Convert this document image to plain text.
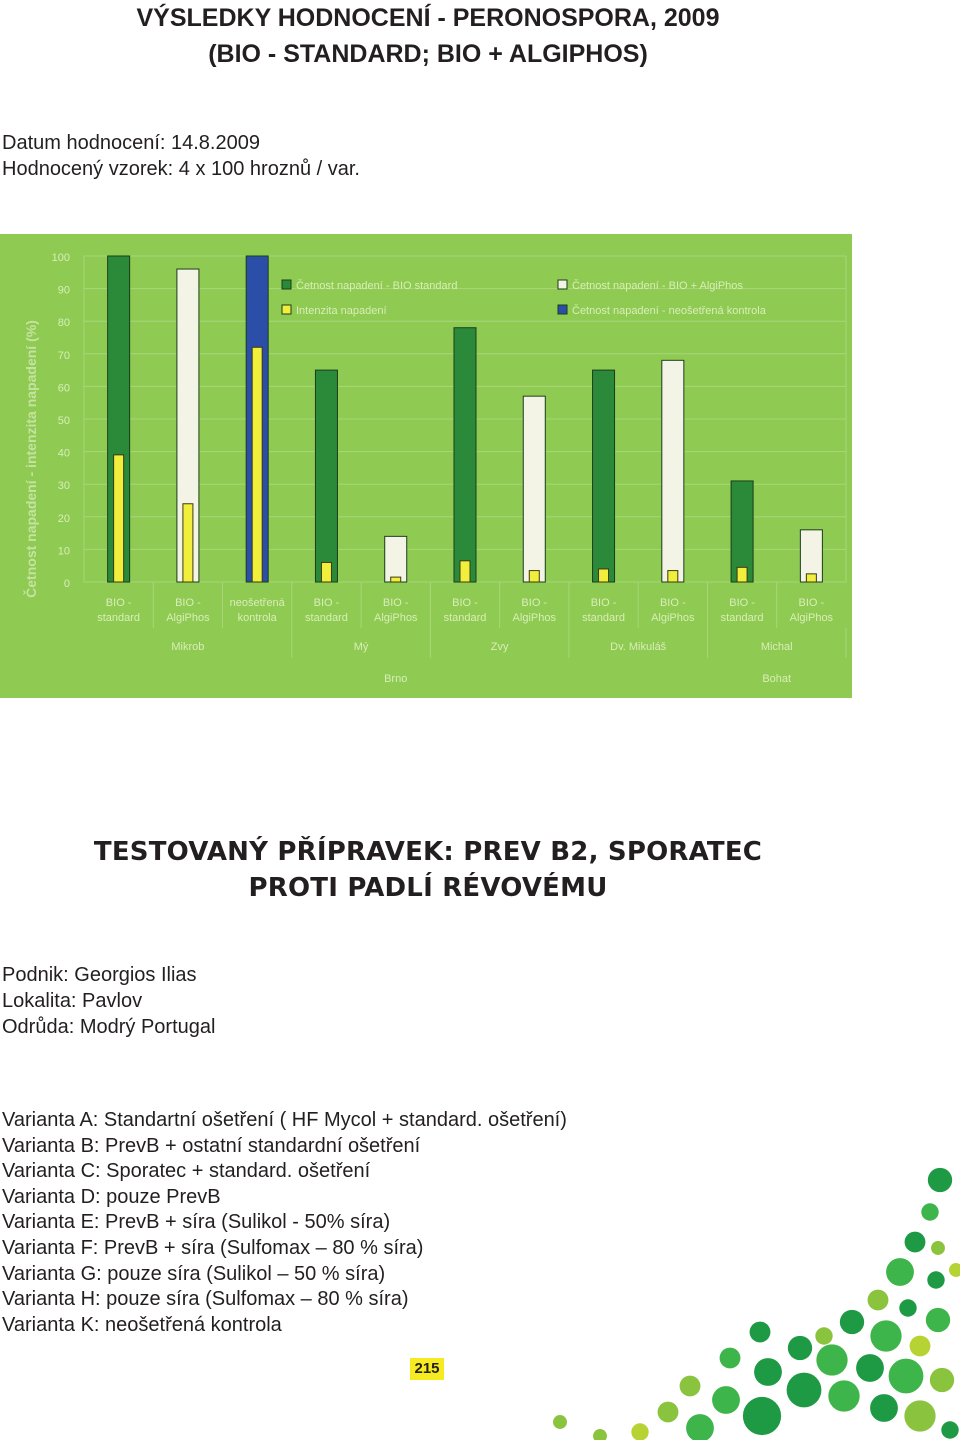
VÝSLEDKY HODNOCENÍ - PERONOSPORA, 2009
(BIO - STANDARD; BIO + ALGIPHOS)
Datum hodnocení: 14.8.2009
Hodnocený vzorek: 4 x 100 hroznů / var.
0
10
20
30
40
50
60
70
80
90
100
Četnost napadení - intenzita napadení (%)
BIO -
standard
BIO -
AlgiPhos
neošetřená
kontrola
BIO -
standard
BIO -
AlgiPhos
BIO -
standard
BIO -
AlgiPhos
BIO -
standard
BIO -
AlgiPhos
BIO -
standard
BIO -
AlgiPhos
Mikrob	Mý	Zvy	Dv. Mikuláš	Michal
Brno	Bohat
Četnost napadení - BIO standard	Četnost napadení - BIO + AlgiPhos
Intenzita napadení	Četnost napadení - neošetřená kontrola
TESTOVANÝ PŘÍPRAVEK: PREV B2, SPORATEC
PROTI PADLÍ RÉVOVÉMU
Podnik: Georgios Ilias
Lokalita: Pavlov
Odrůda: Modrý Portugal
Varianta A: Standartní ošetření ( HF Mycol + standard. ošetření)
Varianta B: PrevB + ostatní standardní ošetření
Varianta C: Sporatec + standard. ošetření
Varianta D: pouze PrevB
Varianta E: PrevB + síra (Sulikol - 50% síra)
Varianta F: PrevB + síra (Sulfomax – 80 % síra)
Varianta G: pouze síra (Sulikol – 50 % síra)
Varianta H: pouze síra (Sulfomax – 80 % síra)
Varianta K: neošetřená kontrola
215
